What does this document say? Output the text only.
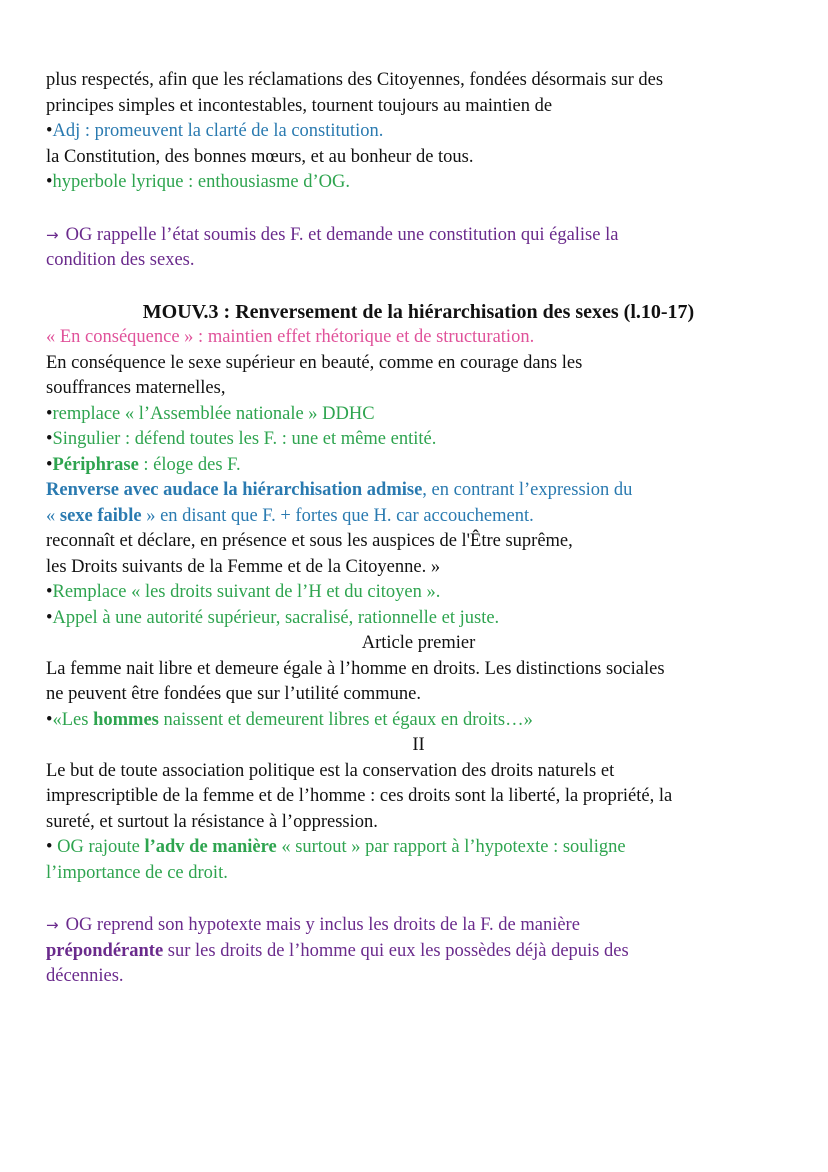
plus respectés, afin que les réclamations des Citoyennes, fondées désormais sur des
principes simples et incontestables, tournent toujours au maintien de
•Adj : promeuvent la clarté de la constitution.
la Constitution, des bonnes mœurs, et au bonheur de tous.
•hyperbole lyrique : enthousiasme d’OG.
→ OG rappelle l’état soumis des F. et demande une constitution qui égalise la
condition des sexes.
MOUV.3 : Renversement de la hiérarchisation des sexes (l.10-17)
« En conséquence » : maintien effet rhétorique et de structuration.
En conséquence le sexe supérieur en beauté, comme en courage dans les
souffrances maternelles,
•remplace « l’Assemblée nationale » DDHC
•Singulier : défend toutes les F. : une et même entité.
•Périphrase : éloge des F.
Renverse avec audace la hiérarchisation admise, en contrant l’expression du
« sexe faible » en disant que F. + fortes que H. car accouchement.
reconnaît et déclare, en présence et sous les auspices de l'Être suprême,
les Droits suivants de la Femme et de la Citoyenne. »
•Remplace « les droits suivant de l’H et du citoyen ».
•Appel à une autorité supérieur, sacralisé, rationnelle et juste.
Article premier
La femme nait libre et demeure égale à l’homme en droits. Les distinctions sociales
ne peuvent être fondées que sur l’utilité commune.
•«Les hommes naissent et demeurent libres et égaux en droits…»
II
Le but de toute association politique est la conservation des droits naturels et
imprescriptible de la femme et de l’homme : ces droits sont la liberté, la propriété, la
sureté, et surtout la résistance à l’oppression.
• OG rajoute l’adv de manière « surtout » par rapport à l’hypotexte : souligne
l’importance de ce droit.
→ OG reprend son hypotexte mais y inclus les droits de la F. de manière
prépondérante sur les droits de l’homme qui eux les possèdes déjà depuis des
décennies.
